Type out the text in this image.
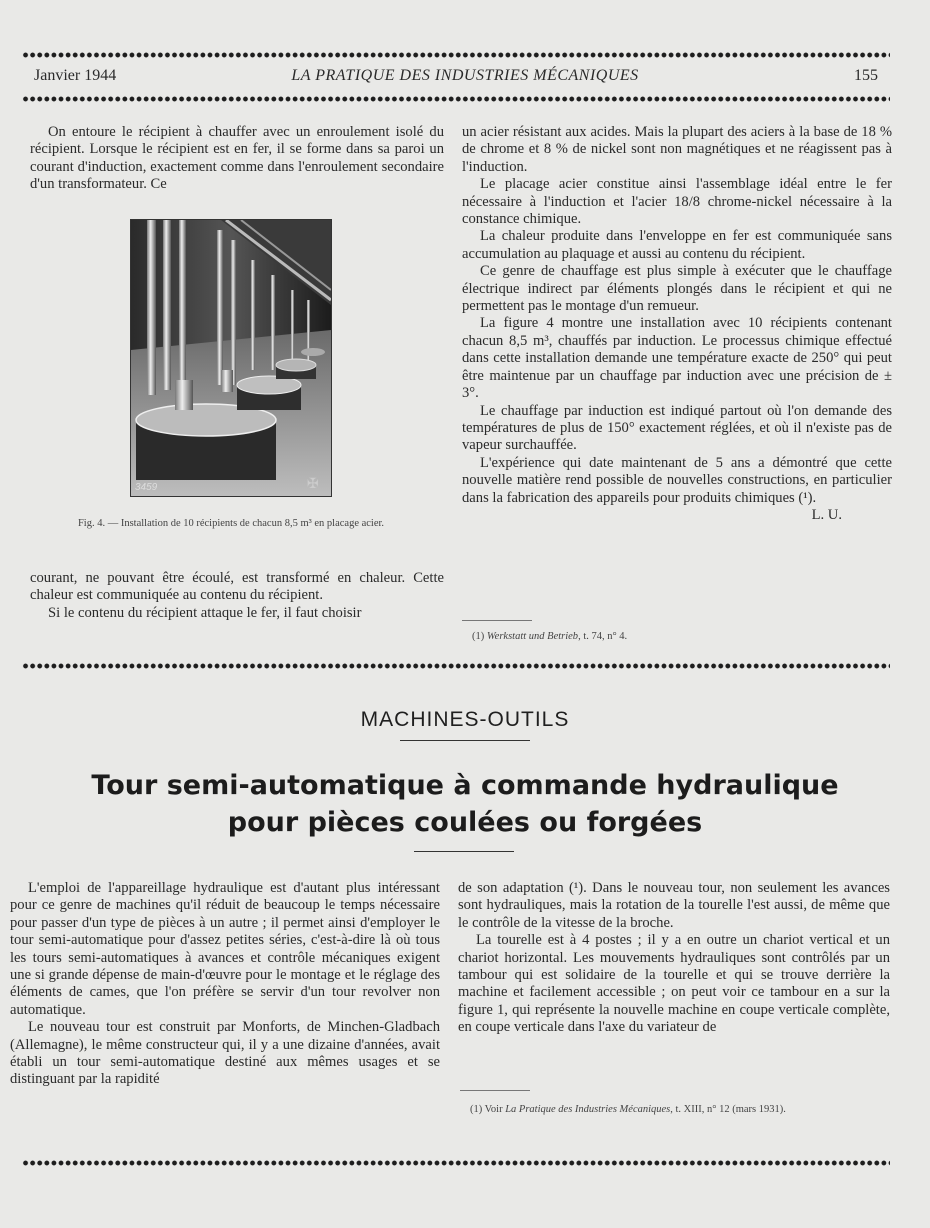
Janvier 1944	LA PRATIQUE DES INDUSTRIES MÉCANIQUES	155

On entoure le récipient à chauffer avec un enroulement isolé du récipient. Lorsque le récipient est en fer, il se forme dans sa paroi un courant d'induction, exactement comme dans l'enroulement secondaire d'un transformateur. Ce

3459	✠
Fig. 4. — Installation de 10 récipients de chacun 8,5 m³ en placage acier.

courant, ne pouvant être écoulé, est transformé en chaleur. Cette chaleur est communiquée au contenu du récipient.

Si le contenu du récipient attaque le fer, il faut choisir

un acier résistant aux acides. Mais la plupart des aciers à la base de 18 % de chrome et 8 % de nickel sont non magnétiques et ne réagissent pas à l'induction.

Le placage acier constitue ainsi l'assemblage idéal entre le fer nécessaire à l'induction et l'acier 18/8 chrome-nickel nécessaire à la constance chimique.

La chaleur produite dans l'enveloppe en fer est communiquée sans accumulation au plaquage et aussi au contenu du récipient.

Ce genre de chauffage est plus simple à exécuter que le chauffage électrique indirect par éléments plongés dans le récipient et qui ne permettent pas le montage d'un remueur.

La figure 4 montre une installation avec 10 récipients contenant chacun 8,5 m³, chauffés par induction. Le processus chimique effectué dans cette installation demande une température exacte de 250° qui peut être maintenue par un chauffage par induction avec une précision de ± 3°.

Le chauffage par induction est indiqué partout où l'on demande des températures de plus de 150° exactement réglées, et où il n'existe pas de vapeur surchauffée.

L'expérience qui date maintenant de 5 ans a démontré que cette nouvelle matière rend possible de nouvelles constructions, en particulier dans la fabrication des appareils pour produits chimiques (¹).

L. U.

(1) Werkstatt und Betrieb, t. 74, n° 4.
MACHINES-OUTILS
Tour semi-automatique à commande hydraulique
pour pièces coulées ou forgées

L'emploi de l'appareillage hydraulique est d'autant plus intéressant pour ce genre de machines qu'il réduit de beaucoup le temps nécessaire pour passer d'un type de pièces à un autre ; il permet ainsi d'employer le tour semi-automatique pour d'assez petites séries, c'est-à-dire là où tous les tours semi-automatiques à avances et contrôle mécaniques exigent une si grande dépense de main-d'œuvre pour le montage et le réglage des éléments de cames, que l'on préfère se servir d'un tour revolver non automatique.

Le nouveau tour est construit par Monforts, de Minchen-Gladbach (Allemagne), le même constructeur qui, il y a une dizaine d'années, avait établi un tour semi-automatique destiné aux mêmes usages et se distinguant par la rapidité

de son adaptation (¹). Dans le nouveau tour, non seulement les avances sont hydrauliques, mais la rotation de la tourelle l'est aussi, de même que le contrôle de la vitesse de la broche.

La tourelle est à 4 postes ; il y a en outre un chariot vertical et un chariot horizontal. Les mouvements hydrauliques sont contrôlés par un tambour qui est solidaire de la tourelle et qui se trouve derrière la machine et facilement accessible ; on peut voir ce tambour en a sur la figure 1, qui représente la nouvelle machine en coupe verticale complète, en coupe verticale dans l'axe du variateur de

(1) Voir La Pratique des Industries Mécaniques, t. XIII, n° 12 (mars 1931).
